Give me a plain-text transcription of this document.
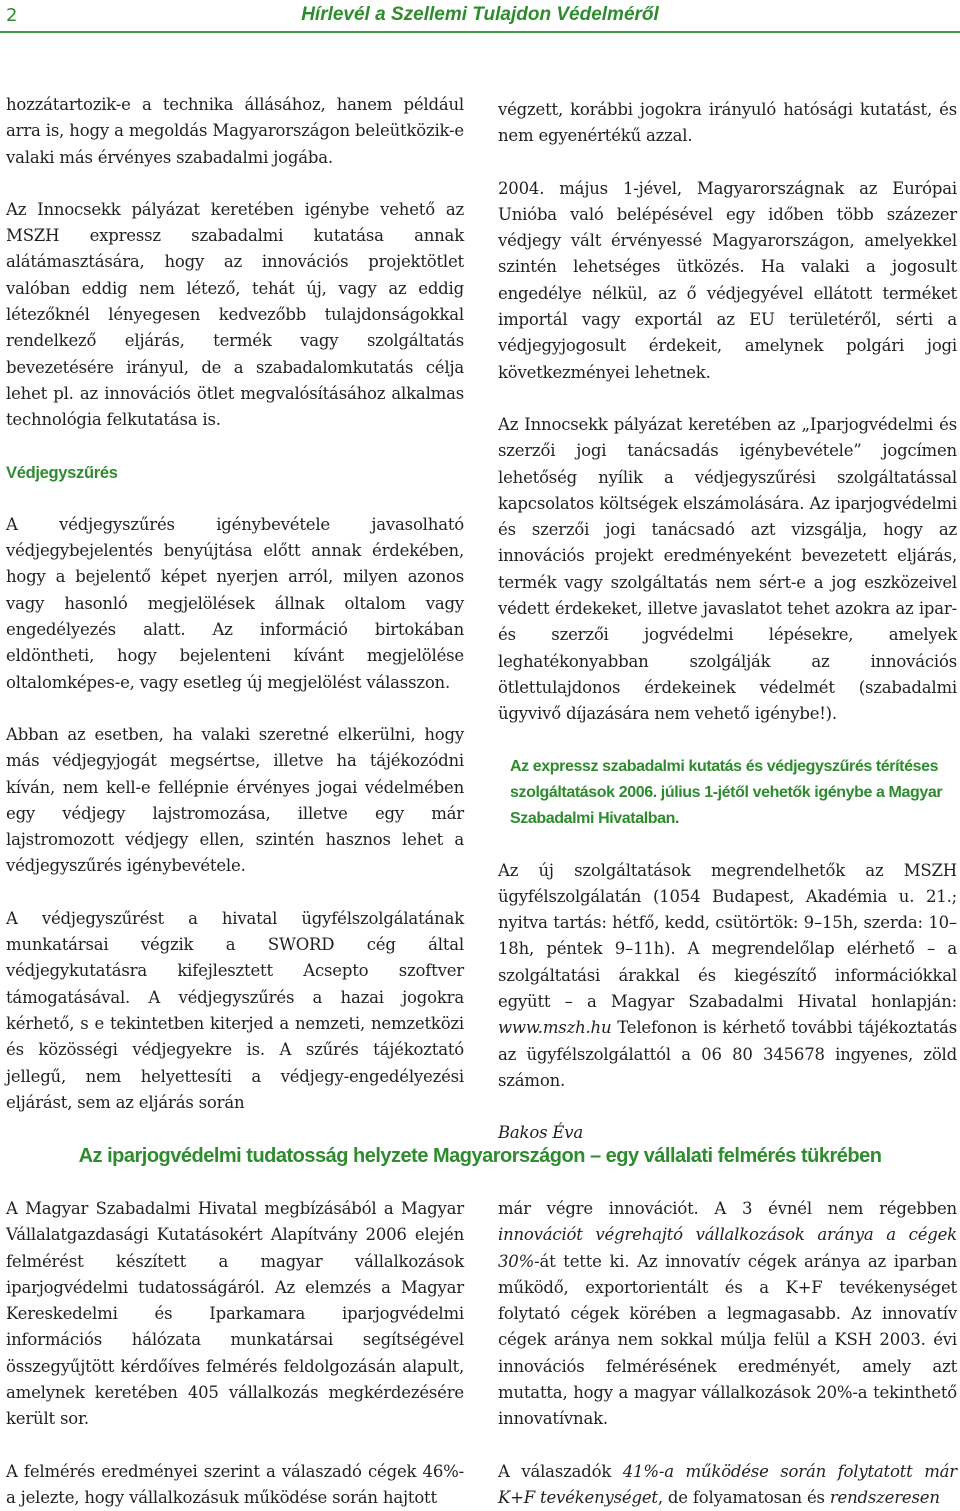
2	Hírlevél a Szellemi Tulajdon Védelméről

hozzátartozik-e a technika állásához, hanem például arra is, hogy a megoldás Magyarországon beleütközik-e valaki más érvényes szabadalmi jogába.

Az Innocsekk pályázat keretében igénybe vehető az MSZH expressz szabadalmi kutatása annak alátámasztására, hogy az innovációs projektötlet valóban eddig nem létező, tehát új, vagy az eddig létezőknél lényegesen kedvezőbb tulajdonságokkal rendelkező eljárás, termék vagy szolgáltatás bevezetésére irányul, de a szabadalomkutatás célja lehet pl. az innovációs ötlet megvalósításához alkalmas technológia felkutatása is.

Védjegyszűrés

A védjegyszűrés igénybevétele javasolható védjegybejelentés benyújtása előtt annak érdekében, hogy a bejelentő képet nyerjen arról, milyen azonos vagy hasonló megjelölések állnak oltalom vagy engedélyezés alatt. Az információ birtokában eldöntheti, hogy bejelenteni kívánt megjelölése oltalomképes-e, vagy esetleg új megjelölést válasszon.

Abban az esetben, ha valaki szeretné elkerülni, hogy más védjegyjogát megsértse, illetve ha tájékozódni kíván, nem kell-e fellépnie érvényes jogai védelmében egy védjegy lajstromozása, illetve egy már lajstromozott védjegy ellen, szintén hasznos lehet a védjegyszűrés igénybevétele.

A védjegyszűrést a hivatal ügyfélszolgálatának munkatársai végzik a SWORD cég által védjegykutatásra kifejlesztett Acsepto szoftver támogatásával. A védjegyszűrés a hazai jogokra kérhető, s e tekintetben kiterjed a nemzeti, nemzetközi és közösségi védjegyekre is. A szűrés tájékoztató jellegű, nem helyettesíti a védjegy-engedélyezési eljárást, sem az eljárás során

végzett, korábbi jogokra irányuló hatósági kutatást, és nem egyenértékű azzal.

2004. május 1-jével, Magyarországnak az Európai Unióba való belépésével egy időben több százezer védjegy vált érvényessé Magyarországon, amelyekkel szintén lehetséges ütközés. Ha valaki a jogosult engedélye nélkül, az ő védjegyével ellátott terméket importál vagy exportál az EU területéről, sérti a védjegyjogosult érdekeit, amelynek polgári jogi következményei lehetnek.

Az Innocsekk pályázat keretében az „Iparjogvédelmi és szerzői jogi tanácsadás igénybevétele” jogcímen lehetőség nyílik a védjegyszűrési szolgáltatással kapcsolatos költségek elszámolására. Az iparjogvédelmi és szerzői jogi tanácsadó azt vizsgálja, hogy az innovációs projekt eredményeként bevezetett eljárás, termék vagy szolgáltatás nem sért-e a jog eszközeivel védett érdekeket, illetve javaslatot tehet azokra az ipar- és szerzői jogvédelmi lépésekre, amelyek leghatékonyabban szolgálják az innovációs ötlettulajdonos érdekeinek védelmét (szabadalmi ügyvivő díjazására nem vehető igénybe!).

Az expressz szabadalmi kutatás és védjegyszűrés térítéses szolgáltatások 2006. július 1-jétől vehetők igénybe a Magyar Szabadalmi Hivatalban.

Az új szolgáltatások megrendelhetők az MSZH ügyfélszolgálatán (1054 Budapest, Akadémia u. 21.; nyitva tartás: hétfő, kedd, csütörtök: 9–15h, szerda: 10–18h, péntek 9–11h). A megrendelőlap elérhető – a szolgáltatási árakkal és kiegészítő információkkal együtt – a Magyar Szabadalmi Hivatal honlapján: www.mszh.hu Telefonon is kérhető további tájékoztatás az ügyfélszolgálattól a 06 80 345678 ingyenes, zöld számon.

Bakos Éva

Az iparjogvédelmi tudatosság helyzete Magyarországon – egy vállalati felmérés tükrében

A Magyar Szabadalmi Hivatal megbízásából a Magyar Vállalatgazdasági Kutatásokért Alapítvány 2006 elején felmérést készített a magyar vállalkozások iparjogvédelmi tudatosságáról. Az elemzés a Magyar Kereskedelmi és Iparkamara iparjogvédelmi információs hálózata munkatársai segítségével összegyűjtött kérdőíves felmérés feldolgozásán alapult, amelynek keretében 405 vállalkozás megkérdezésére került sor.

A felmérés eredményei szerint a válaszadó cégek 46%-a jelezte, hogy vállalkozásuk működése során hajtott

már végre innovációt. A 3 évnél nem régebben innovációt végrehajtó vállalkozások aránya a cégek 30%-át tette ki. Az innovatív cégek aránya az iparban működő, exportorientált és a K+F tevékenységet folytató cégek körében a legmagasabb. Az innovatív cégek aránya nem sokkal múlja felül a KSH 2003. évi innovációs felmérésének eredményét, amely azt mutatta, hogy a magyar vállalkozások 20%-a tekinthető innovatívnak.

A válaszadók 41%-a működése során folytatott már K+F tevékenységet, de folyamatosan és rendszeresen
